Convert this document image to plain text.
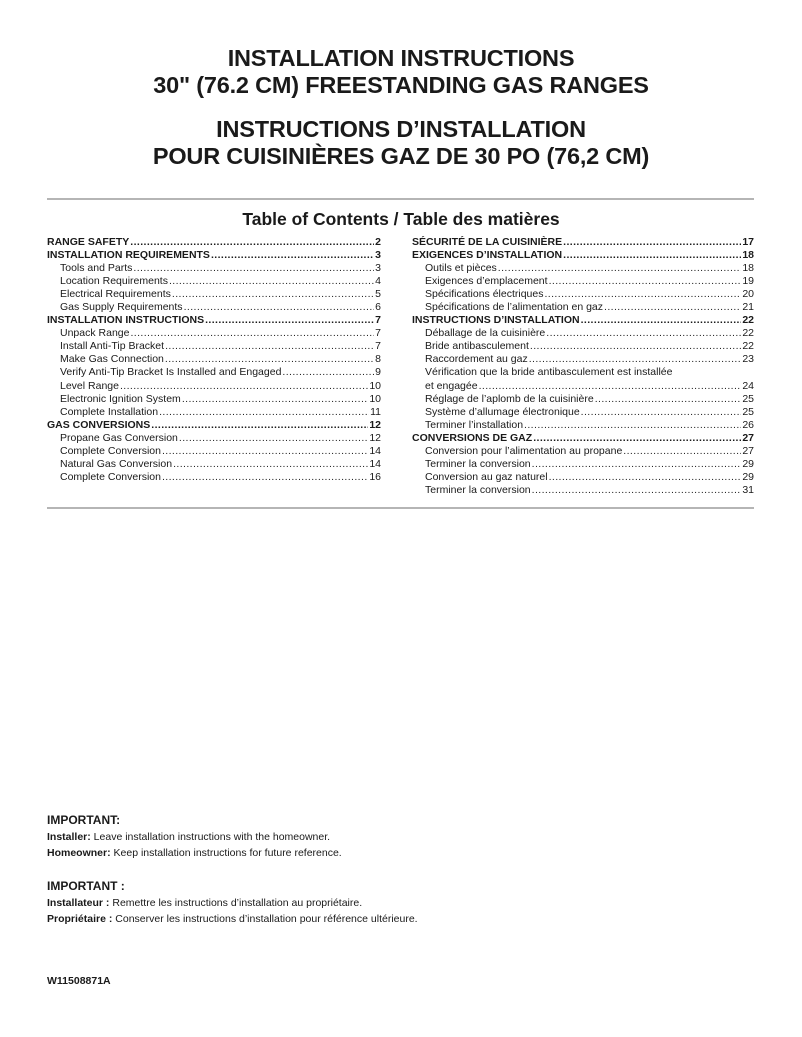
INSTALLATION INSTRUCTIONS
30" (76.2 CM) FREESTANDING GAS RANGES
INSTRUCTIONS D’INSTALLATION
POUR CUISINIÈRES GAZ DE 30 PO (76,2 CM)
Table of Contents / Table des matières
RANGE SAFETY .....	2
INSTALLATION REQUIREMENTS .....	3
Tools and Parts .....	3
Location Requirements .....	4
Electrical Requirements .....	5
Gas Supply Requirements .....	6
INSTALLATION INSTRUCTIONS .....	7
Unpack Range .....	7
Install Anti-Tip Bracket .....	7
Make Gas Connection .....	8
Verify Anti-Tip Bracket Is Installed and Engaged .....	9
Level Range .....	10
Electronic Ignition System .....	10
Complete Installation .....	11
GAS CONVERSIONS .....	12
Propane Gas Conversion .....	12
Complete Conversion .....	14
Natural Gas Conversion .....	14
Complete Conversion .....	16
SÉCURITÉ DE LA CUISINIÈRE .....	17
EXIGENCES D’INSTALLATION .....	18
Outils et pièces .....	18
Exigences d’emplacement .....	19
Spécifications électriques .....	20
Spécifications de l’alimentation en gaz .....	21
INSTRUCTIONS D’INSTALLATION .....	22
Déballage de la cuisinière .....	22
Bride antibasculement .....	22
Raccordement au gaz .....	23
Vérification que la bride antibasculement est installée
et engagée .....	24
Réglage de l’aplomb de la cuisinière .....	25
Système d’allumage électronique .....	25
Terminer l’installation .....	26
CONVERSIONS DE GAZ .....	27
Conversion pour l’alimentation au propane .....	27
Terminer la conversion .....	29
Conversion au gaz naturel .....	29
Terminer la conversion .....	31
IMPORTANT:
Installer: Leave installation instructions with the homeowner.
Homeowner: Keep installation instructions for future reference.
IMPORTANT :
Installateur : Remettre les instructions d’installation au propriétaire.
Propriétaire : Conserver les instructions d’installation pour référence ultérieure.
W11508871A
